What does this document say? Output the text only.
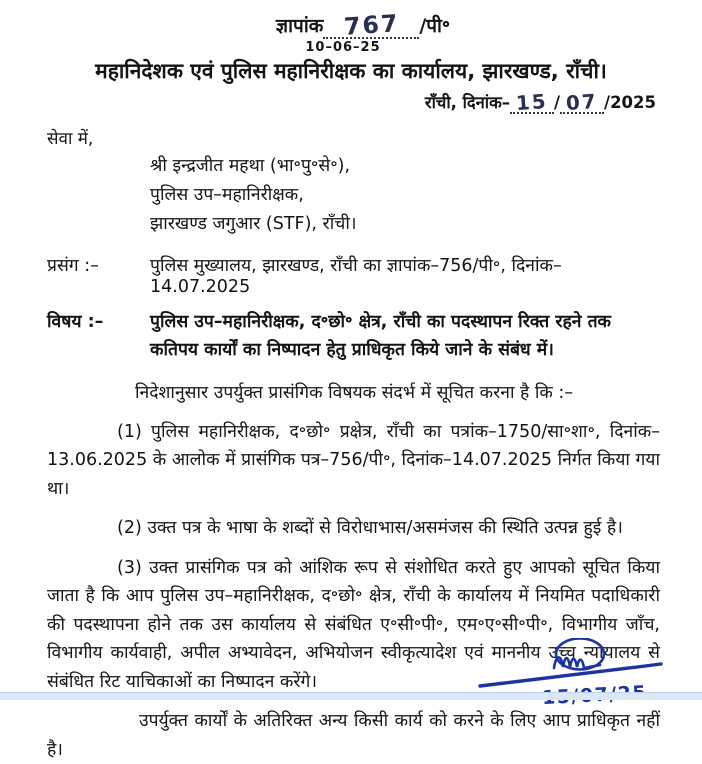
ज्ञापांक 767 /पी॰
10–06–25
महानिदेशक एवं पुलिस महानिरीक्षक का कार्यालय, झारखण्ड, राँची।
राँची, दिनांक– 15 / 07 /2025
सेवा में,
श्री इन्द्रजीत महथा (भा॰पु॰से॰),
पुलिस उप–महानिरीक्षक,
झारखण्ड जगुआर (STF), राँची।
प्रसंग :–	पुलिस मुख्यालय, झारखण्ड, राँची का ज्ञापांक–756/पी॰, दिनांक–14.07.2025
विषय :–	पुलिस उप–महानिरीक्षक, द॰छो॰ क्षेत्र, राँची का पदस्थापन रिक्त रहने तक कतिपय कार्यों का निष्पादन हेतु प्राधिकृत किये जाने के संबंध में।
निदेशानुसार उपर्युक्त प्रासंगिक विषयक संदर्भ में सूचित करना है कि :–
(1) पुलिस महानिरीक्षक, द॰छो॰ प्रक्षेत्र, राँची का पत्रांक–1750/सा॰शा॰, दिनांक–13.06.2025 के आलोक में प्रासंगिक पत्र–756/पी॰, दिनांक–14.07.2025 निर्गत किया गया था।
(2) उक्त पत्र के भाषा के शब्दों से विरोधाभास/असमंजस की स्थिति उत्पन्न हुई है।
(3) उक्त प्रासंगिक पत्र को आंशिक रूप से संशोधित करते हुए आपको सूचित किया जाता है कि आप पुलिस उप–महानिरीक्षक, द॰छो॰ क्षेत्र, राँची के कार्यालय में नियमित पदाधिकारी की पदस्थापना होने तक उस कार्यालय से संबंधित ए॰सी॰पी॰, एम॰ए॰सी॰पी॰, विभागीय जाँच, विभागीय कार्यवाही, अपील अभ्यावेदन, अभियोजन स्वीकृत्यादेश एवं माननीय उच्च न्यायालय से संबंधित रिट याचिकाओं का निष्पादन करेंगे।
उपर्युक्त कार्यों के अतिरिक्त अन्य किसी कार्य को करने के लिए आप प्राधिकृत नहीं है।
